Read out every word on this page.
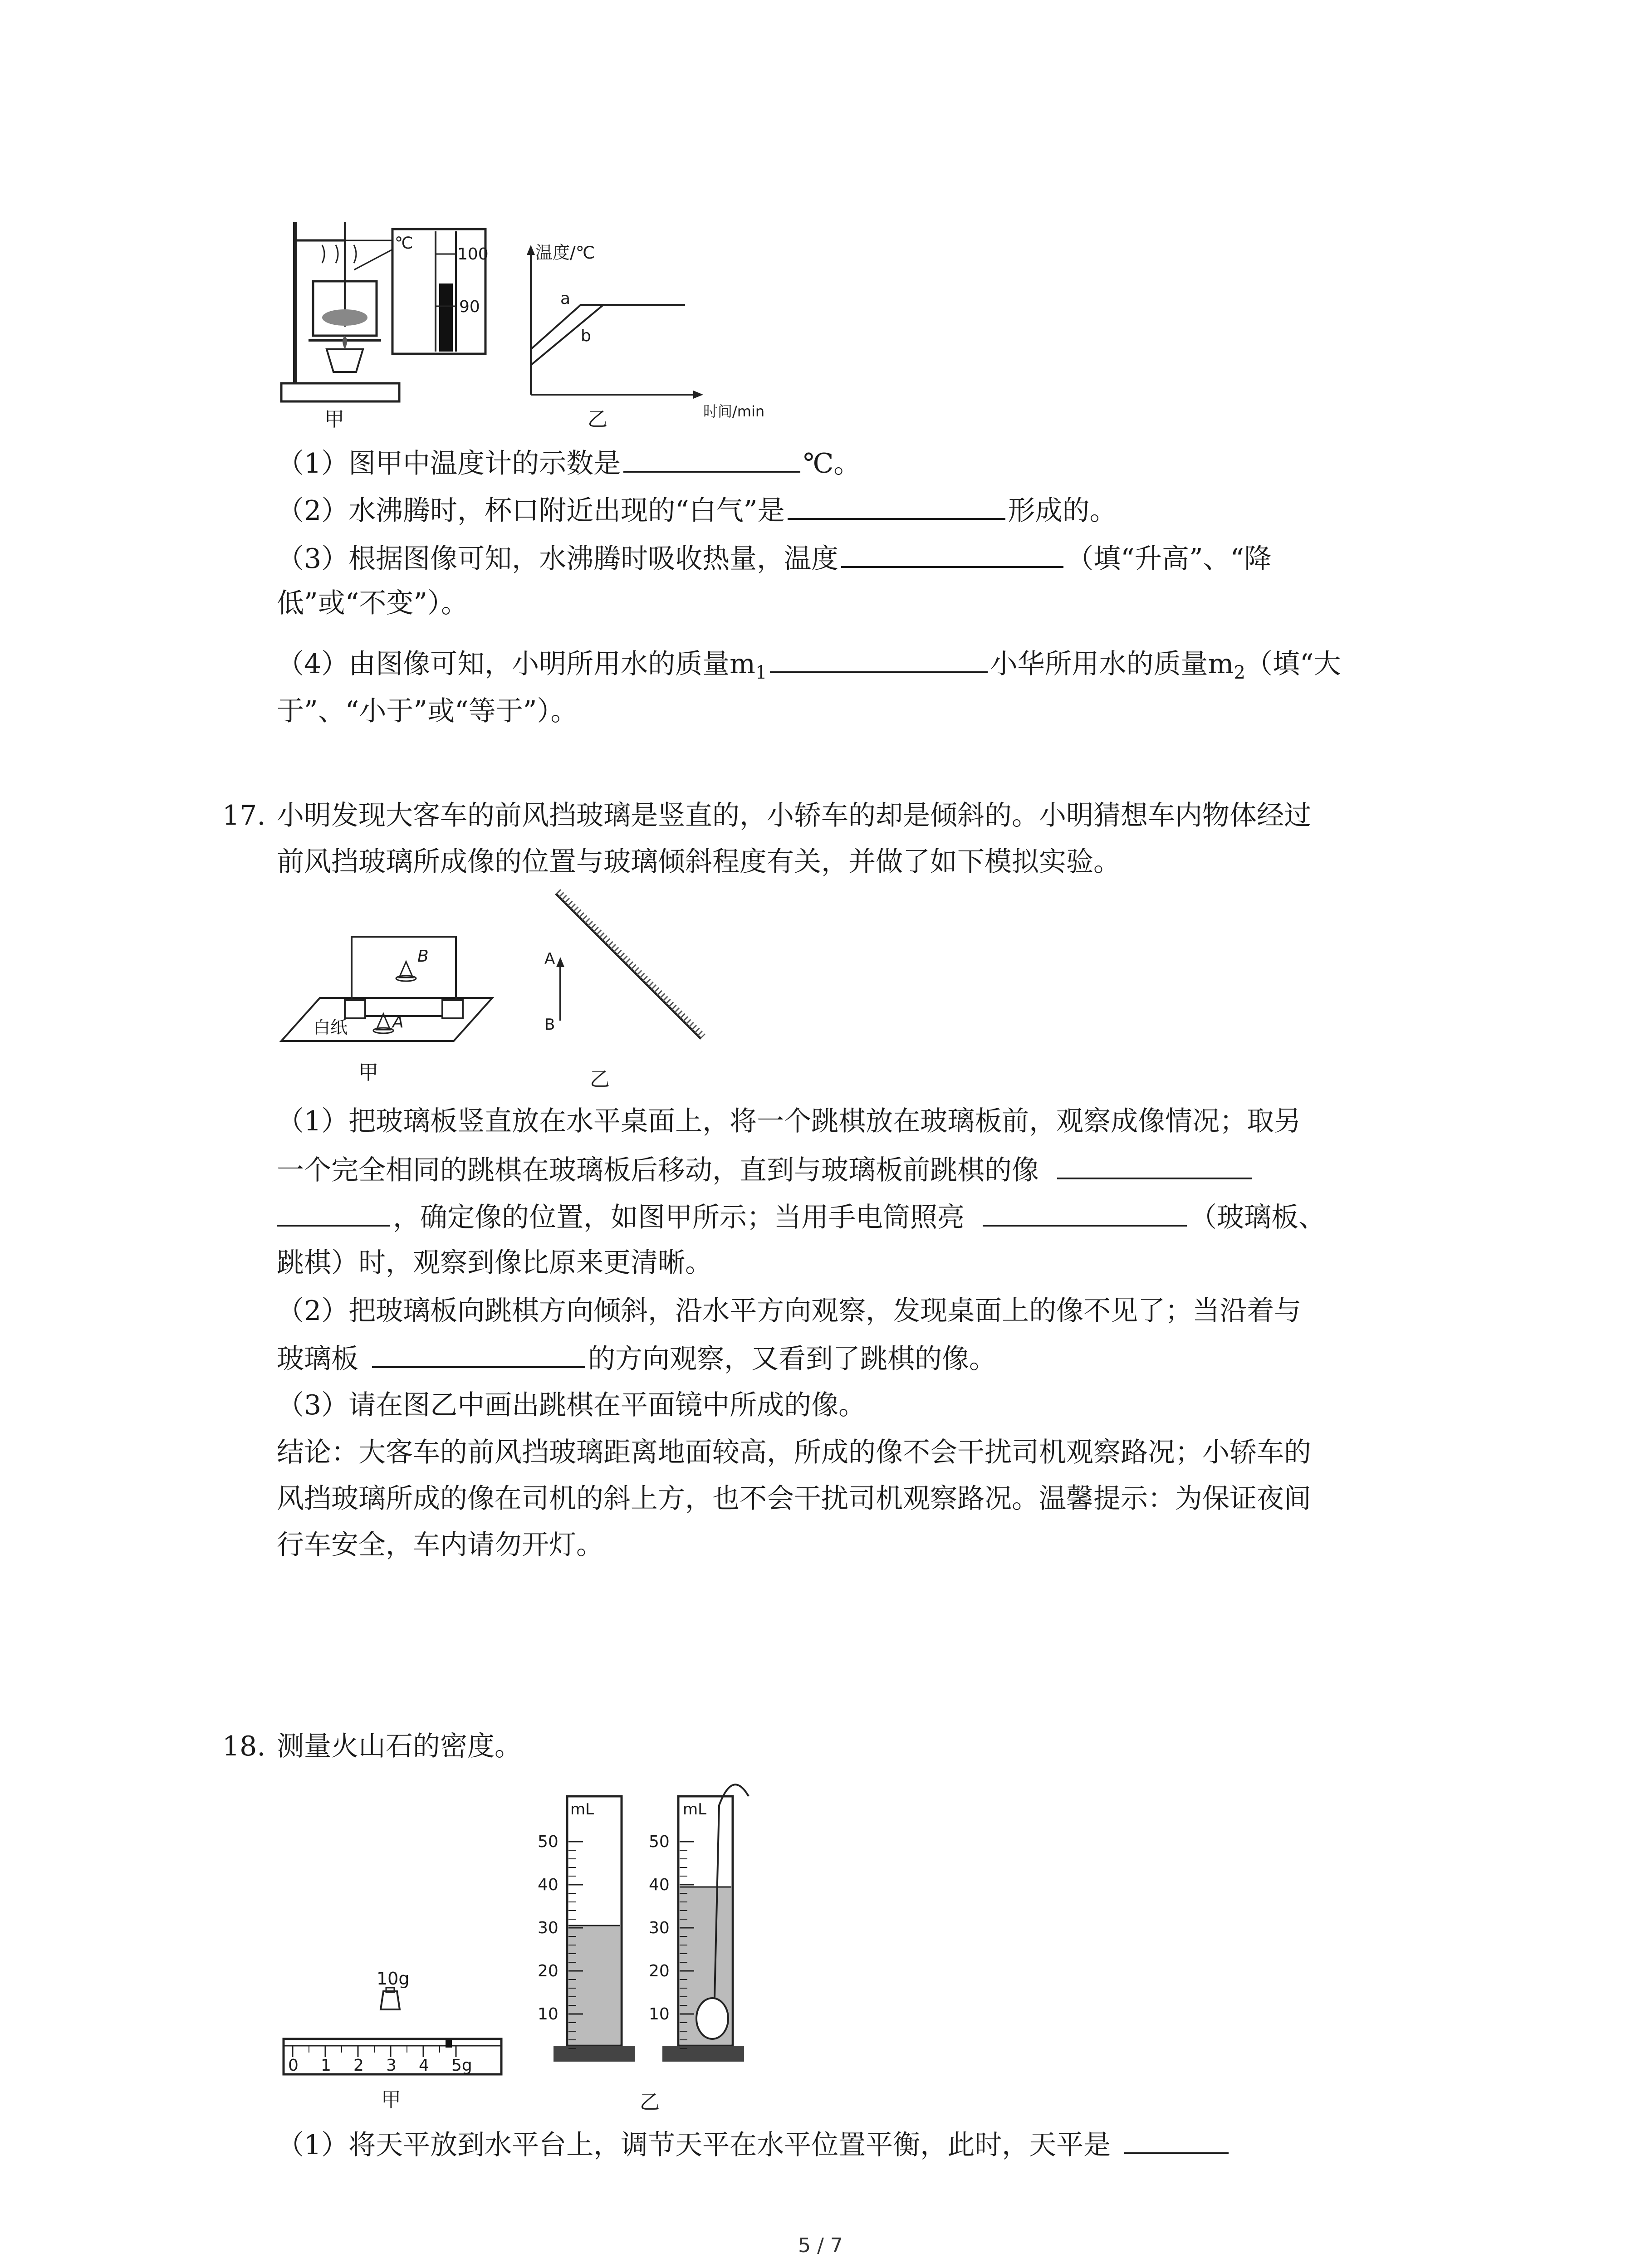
甲
℃
100
90
温度/℃
时间/min
a
b
乙
（1）图甲中温度计的示数是	℃。
（2）水沸腾时，杯口附近出现的“白气”是	形成的。
（3）根据图像可知，水沸腾时吸收热量，温度	（填“升高”、“降
低”或“不变”）。
（4）由图像可知，小明所用水的质量$m_1$	小华所用水的质量$m_2$（填“大
于”、“小于”或“等于”）。
17. 小明发现大客车的前风挡玻璃是竖直的，小轿车的却是倾斜的。小明猜想车内物体经过
前风挡玻璃所成像的位置与玻璃倾斜程度有关，并做了如下模拟实验。
B
A
白纸
甲
A
B
乙
（1）把玻璃板竖直放在水平桌面上，将一个跳棋放在玻璃板前，观察成像情况；取另
一个完全相同的跳棋在玻璃板后移动，直到与玻璃板前跳棋的像
，确定像的位置，如图甲所示；当用手电筒照亮	（玻璃板、
跳棋）时，观察到像比原来更清晰。
（2）把玻璃板向跳棋方向倾斜，沿水平方向观察，发现桌面上的像不见了；当沿着与
玻璃板	的方向观察，又看到了跳棋的像。
（3）请在图乙中画出跳棋在平面镜中所成的像。
结论：大客车的前风挡玻璃距离地面较高，所成的像不会干扰司机观察路况；小轿车的
风挡玻璃所成的像在司机的斜上方，也不会干扰司机观察路况。温馨提示：为保证夜间
行车安全，车内请勿开灯。
18. 测量火山石的密度。
10g
0 1 2 3 4 5g
甲
mL	mL
50
40
30
20
10
50
40
30
20
10
乙
（1）将天平放到水平台上，调节天平在水平位置平衡，此时，天平是
5 / 7
